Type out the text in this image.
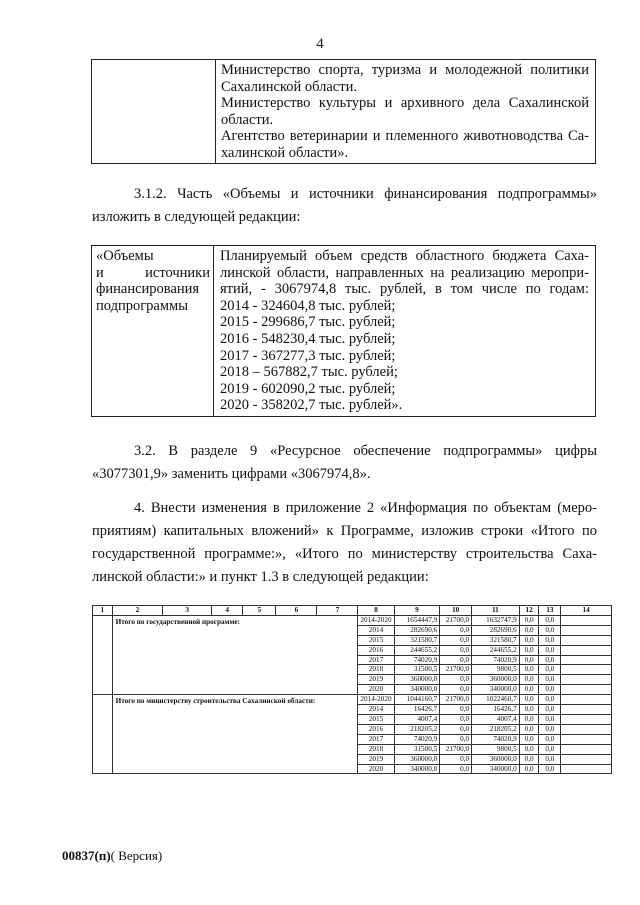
4

Министерство спорта, туризма и молодежной политики
Сахалинской области.
Министерство культуры и архивного дела Сахалинской
области.
Агентство ветеринарии и племенного животноводства Са-
халинской области».

3.1.2. Часть «Объемы и источники финансирования подпрограммы»
изложить в следующей редакции:

«Объемы
и	источники
финансирования
подпрограммы

Планируемый объем средств областного бюджета Саха-
линской области, направленных на реализацию меропри-
ятий, - 3067974,8 тыс. рублей, в том числе по годам:
2014 - 324604,8 тыс. рублей;
2015 - 299686,7 тыс. рублей;
2016 - 548230,4 тыс. рублей;
2017 - 367277,3 тыс. рублей;
2018 – 567882,7 тыс. рублей;
2019 - 602090,2 тыс. рублей;
2020 - 358202,7 тыс. рублей».

3.2. В разделе 9 «Ресурсное обеспечение подпрограммы» цифры
«3077301,9» заменить цифрами «3067974,8».

4. Внести изменения в приложение 2 «Информация по объектам (меро-
приятиям) капитальных вложений» к Программе, изложив строки «Итого по
государственной программе:», «Итого по министерству строительства Саха-
линской области:» и пункт 1.3 в следующей редакции:

1	2	3	4	5	6	7	8	9	10	11	12	13	14
	Итого по государственной программе:						2014-2020	1654447,9	21700,0	1632747,9	0,0	0,0	
							2014	282690,6	0,0	282690,6	0,0	0,0	
							2015	321580,7	0,0	321580,7	0,0	0,0	
							2016	244655,2	0,0	244655,2	0,0	0,0	
							2017	74020,9	0,0	74020,9	0,0	0,0	
							2018	31500,5	21700,0	9800,5	0,0	0,0	
							2019	360000,0	0,0	360000,0	0,0	0,0	
							2020	340000,0	0,0	340000,0	0,0	0,0	
	Итого по министерству строительства Сахалинской области:						2014-2020	1044160,7	21700,0	1022460,7	0,0	0,0	
							2014	16426,7	0,0	16426,7	0,0	0,0	
							2015	4007,4	0,0	4007,4	0,0	0,0	
							2016	218205,2	0,0	218205,2	0,0	0,0	
							2017	74020,9	0,0	74020,9	0,0	0,0	
							2018	31500,5	21700,0	9800,5	0,0	0,0	
							2019	360000,0	0,0	360000,0	0,0	0,0	
							2020	340000,0	0,0	340000,0	0,0	0,0	
00837(п)( Версия)
